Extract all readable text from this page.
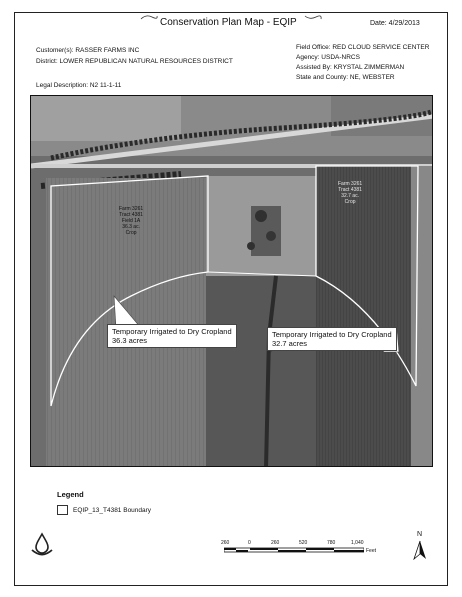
Conservation Plan Map - EQIP	Date: 4/29/2013
Customer(s): RASSER FARMS INC
District: LOWER REPUBLICAN NATURAL RESOURCES DISTRICT
Legal Description: N2 11-1-11
Field Office: RED CLOUD SERVICE CENTER
Agency: USDA-NRCS
Assisted By: KRYSTAL ZIMMERMAN
State and County: NE, WEBSTER
Farm 3261
Tract 4381
Field 1A
36.3 ac.
Crop
Farm 3261
Tract 4381
32.7 ac.
Crop
Temporary Irrigated to Dry Cropland
36.3 acres
Temporary Irrigated to Dry Cropland
32.7 acres
Legend
EQIP_13_T4381 Boundary
260	0	260	520	780	1,040
Feet
N
